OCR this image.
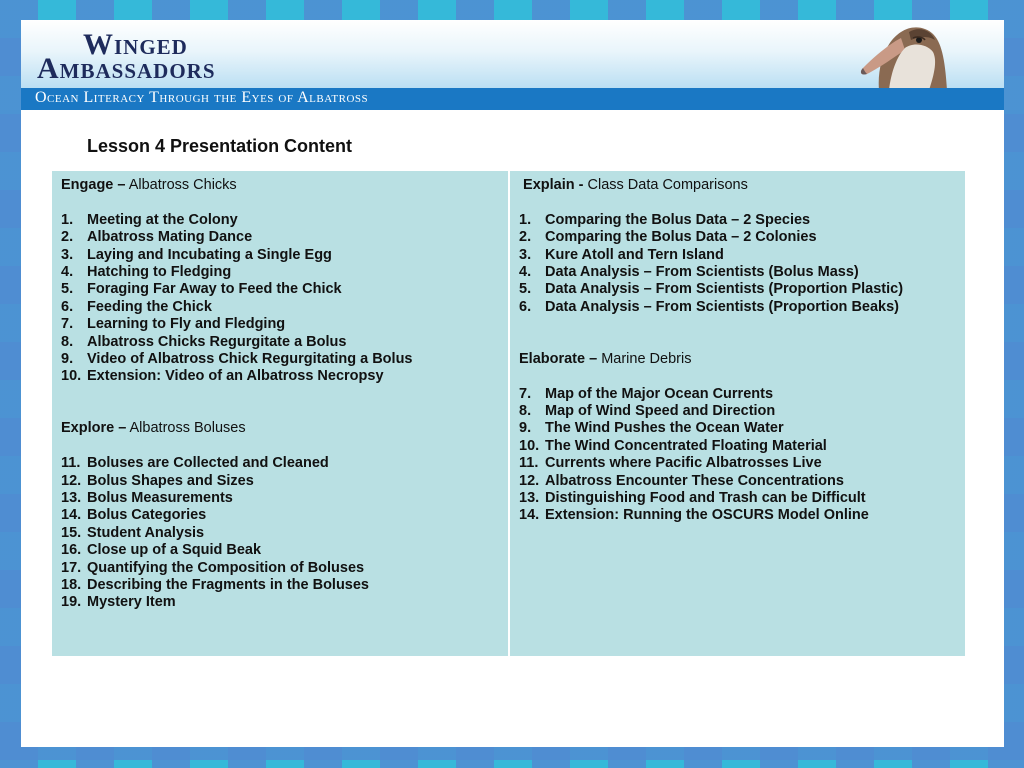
Winged
Ambassadors
Ocean Literacy Through the Eyes of Albatross
Lesson 4 Presentation Content
Engage – Albatross Chicks
1. Meeting at the Colony
2. Albatross Mating Dance
3. Laying and Incubating a Single Egg
4. Hatching to Fledging
5. Foraging Far Away to Feed the Chick
6. Feeding the Chick
7. Learning to Fly and Fledging
8. Albatross Chicks Regurgitate a Bolus
9. Video of Albatross Chick Regurgitating a Bolus
10. Extension: Video of an Albatross Necropsy
Explore – Albatross Boluses
11. Boluses are Collected and Cleaned
12. Bolus Shapes and Sizes
13. Bolus Measurements
14. Bolus Categories
15. Student Analysis
16. Close up of a Squid Beak
17. Quantifying the Composition of Boluses
18. Describing the Fragments in the Boluses
19. Mystery Item
Explain - Class Data Comparisons
1. Comparing the Bolus Data – 2 Species
2. Comparing the Bolus Data – 2 Colonies
3. Kure Atoll and Tern Island
4. Data Analysis – From Scientists (Bolus Mass)
5. Data Analysis – From Scientists (Proportion Plastic)
6. Data Analysis – From Scientists (Proportion Beaks)
Elaborate – Marine Debris
7. Map of the Major Ocean Currents
8. Map of Wind Speed and Direction
9. The Wind Pushes the Ocean Water
10. The Wind Concentrated Floating Material
11. Currents where Pacific Albatrosses Live
12. Albatross Encounter These Concentrations
13. Distinguishing Food and Trash can be Difficult
14. Extension: Running the OSCURS Model Online
